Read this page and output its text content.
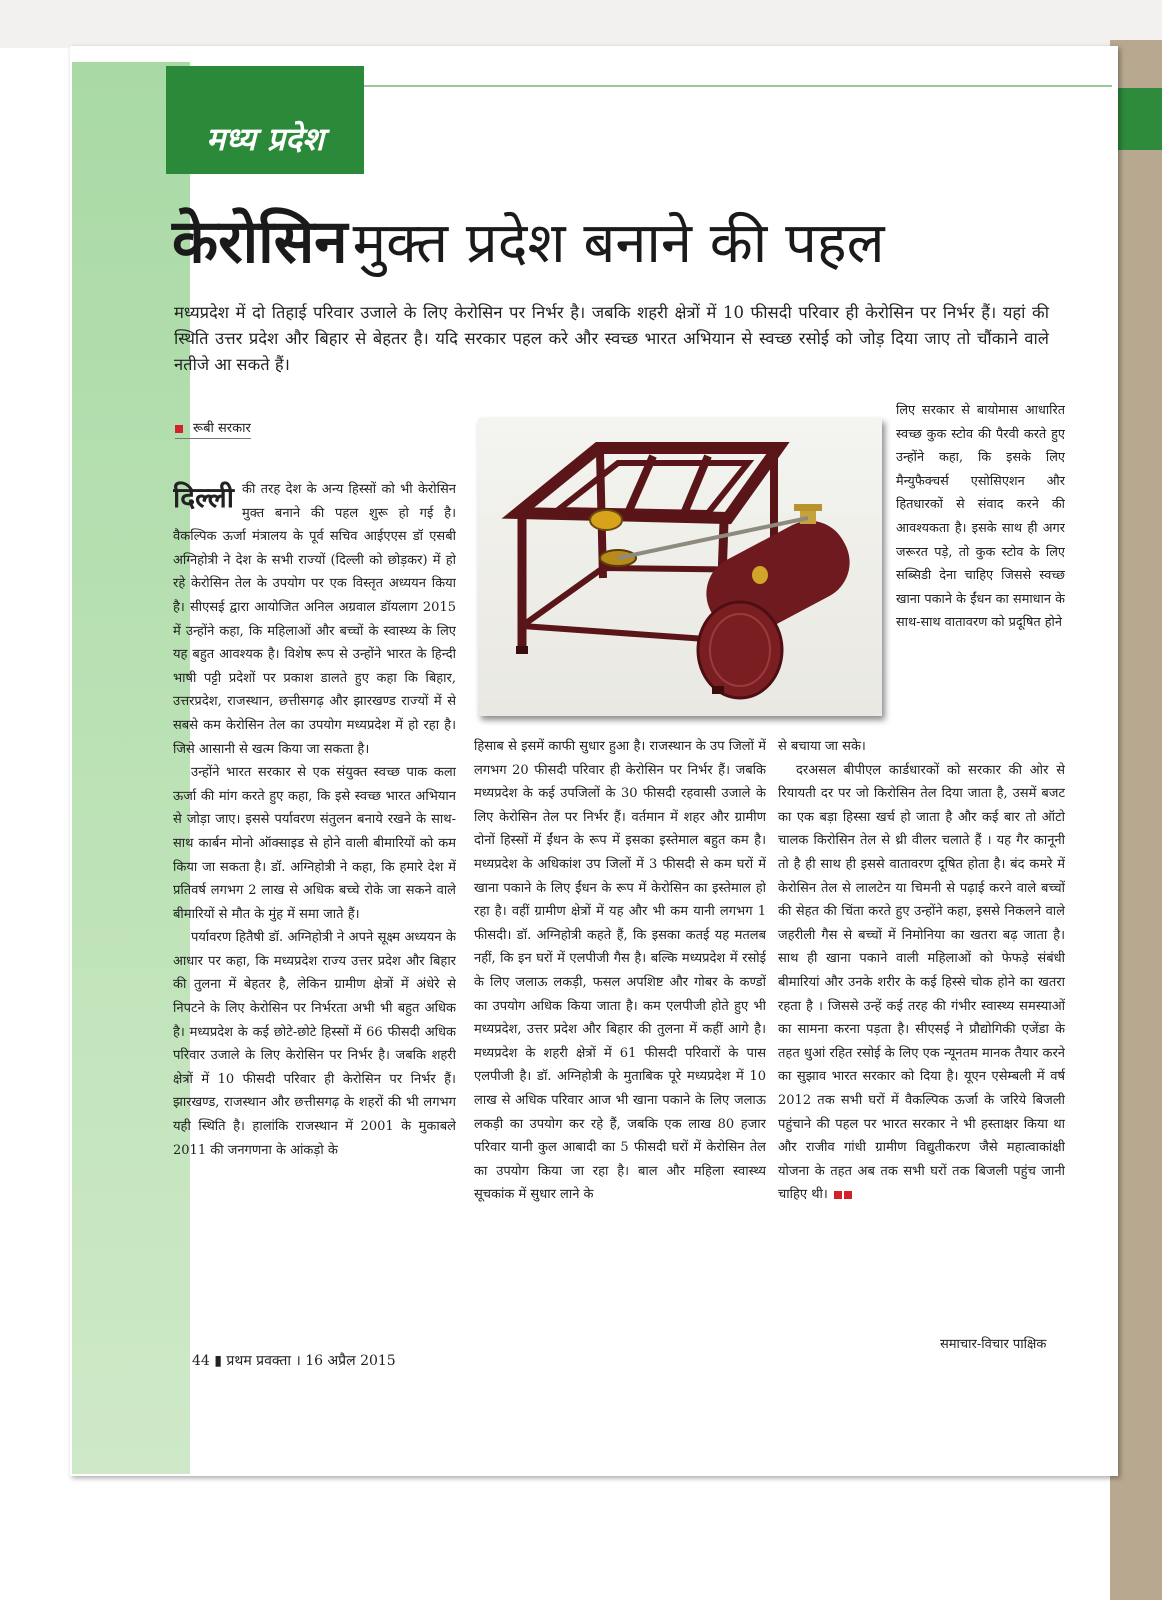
मध्य प्रदेश
केरोसिन मुक्त प्रदेश बनाने की पहल
मध्यप्रदेश में दो तिहाई परिवार उजाले के लिए केरोसिन पर निर्भर है। जबकि शहरी क्षेत्रों में 10 फीसदी परिवार ही केरोसिन पर निर्भर हैं। यहां की स्थिति उत्तर प्रदेश और बिहार से बेहतर है। यदि सरकार पहल करे और स्वच्छ भारत अभियान से स्वच्छ रसोई को जोड़ दिया जाए तो चौंकाने वाले नतीजे आ सकते हैं।
रूबी सरकार
दिल्ली की तरह देश के अन्य हिस्सों को भी केरोसिन मुक्त बनाने की पहल शुरू हो गई है। वैकल्पिक ऊर्जा मंत्रालय के पूर्व सचिव आईएएस डॉ एसबी अग्निहोत्री ने देश के सभी राज्यों (दिल्ली को छोड़कर) में हो रहे केरोसिन तेल के उपयोग पर एक विस्तृत अध्ययन किया है। सीएसई द्वारा आयोजित अनिल अग्रवाल डॉयलाग 2015 में उन्होंने कहा, कि महिलाओं और बच्चों के स्वास्थ्य के लिए यह बहुत आवश्यक है। विशेष रूप से उन्होंने भारत के हिन्दी भाषी पट्टी प्रदेशों पर प्रकाश डालते हुए कहा कि बिहार, उत्तरप्रदेश, राजस्थान, छत्तीसगढ़ और झारखण्ड राज्यों में से सबसे कम केरोसिन तेल का उपयोग मध्यप्रदेश में हो रहा है। जिसे आसानी से खत्म किया जा सकता है।

उन्होंने भारत सरकार से एक संयुक्त स्वच्छ पाक कला ऊर्जा की मांग करते हुए कहा, कि इसे स्वच्छ भारत अभियान से जोड़ा जाए। इससे पर्यावरण संतुलन बनाये रखने के साथ-साथ कार्बन मोनो ऑक्साइड से होने वाली बीमारियों को कम किया जा सकता है। डॉ. अग्निहोत्री ने कहा, कि हमारे देश में प्रतिवर्ष लगभग 2 लाख से अधिक बच्चे रोके जा सकने वाले बीमारियों से मौत के मुंह में समा जाते हैं।

पर्यावरण हितैषी डॉ. अग्निहोत्री ने अपने सूक्ष्म अध्ययन के आधार पर कहा, कि मध्यप्रदेश राज्य उत्तर प्रदेश और बिहार की तुलना में बेहतर है, लेकिन ग्रामीण क्षेत्रों में अंधेरे से निपटने के लिए केरोसिन पर निर्भरता अभी भी बहुत अधिक है। मध्यप्रदेश के कई छोटे-छोटे हिस्सों में 66 फीसदी अधिक परिवार उजाले के लिए केरोसिन पर निर्भर है। जबकि शहरी क्षेत्रों में 10 फीसदी परिवार ही केरोसिन पर निर्भर हैं। झारखण्ड, राजस्थान और छत्तीसगढ़ के शहरों की भी लगभग यही स्थिति है। हालांकि राजस्थान में 2001 के मुकाबले 2011 की जनगणना के आंकड़ो के

हिसाब से इसमें काफी सुधार हुआ है। राजस्थान के उप जिलों में लगभग 20 फीसदी परिवार ही केरोसिन पर निर्भर हैं। जबकि मध्यप्रदेश के कई उपजिलों के 30 फीसदी रहवासी उजाले के लिए केरोसिन तेल पर निर्भर हैं। वर्तमान में शहर और ग्रामीण दोनों हिस्सों में ईंधन के रूप में इसका इस्तेमाल बहुत कम है। मध्यप्रदेश के अधिकांश उप जिलों में 3 फीसदी से कम घरों में खाना पकाने के लिए ईंधन के रूप में केरोसिन का इस्तेमाल हो रहा है। वहीं ग्रामीण क्षेत्रों में यह और भी कम यानी लगभग 1 फीसदी। डॉ. अग्निहोत्री कहते हैं, कि इसका कतई यह मतलब नहीं, कि इन घरों में एलपीजी गैस है। बल्कि मध्यप्रदेश में रसोई के लिए जलाऊ लकड़ी, फसल अपशिष्ट और गोबर के कण्डों का उपयोग अधिक किया जाता है। कम एलपीजी होते हुए भी मध्यप्रदेश, उत्तर प्रदेश और बिहार की तुलना में कहीं आगे है। मध्यप्रदेश के शहरी क्षेत्रों में 61 फीसदी परिवारों के पास एलपीजी है। डॉ. अग्निहोत्री के मुताबिक पूरे मध्यप्रदेश में 10 लाख से अधिक परिवार आज भी खाना पकाने के लिए जलाऊ लकड़ी का उपयोग कर रहे हैं, जबकि एक लाख 80 हजार परिवार यानी कुल आबादी का 5 फीसदी घरों में केरोसिन तेल का उपयोग किया जा रहा है। बाल और महिला स्वास्थ्य सूचकांक में सुधार लाने के

लिए सरकार से बायोमास आधारित स्वच्छ कुक स्टोव की पैरवी करते हुए उन्होंने कहा, कि इसके लिए मैन्युफैक्चर्स एसोसिएशन और हितधारकों से संवाद करने की आवश्यकता है। इसके साथ ही अगर जरूरत पड़े, तो कुक स्टोव के लिए सब्सिडी देना चाहिए जिससे स्वच्छ खाना पकाने के ईंधन का समाधान के साथ-साथ वातावरण को प्रदूषित होने

से बचाया जा सके।

दरअसल बीपीएल कार्डधारकों को सरकार की ओर से रियायती दर पर जो किरोसिन तेल दिया जाता है, उसमें बजट का एक बड़ा हिस्सा खर्च हो जाता है और कई बार तो ऑटो चालक किरोसिन तेल से थ्री वीलर चलाते हैं । यह गैर कानूनी तो है ही साथ ही इससे वातावरण दूषित होता है। बंद कमरे में केरोसिन तेल से लालटेन या चिमनी से पढ़ाई करने वाले बच्चों की सेहत की चिंता करते हुए उन्होंने कहा, इससे निकलने वाले जहरीली गैस से बच्चों में निमोनिया का खतरा बढ़ जाता है। साथ ही खाना पकाने वाली महिलाओं को फेफड़े संबंधी बीमारियां और उनके शरीर के कई हिस्से चोक होने का खतरा रहता है । जिससे उन्हें कई तरह की गंभीर स्वास्थ्य समस्याओं का सामना करना पड़ता है। सीएसई ने प्रौद्योगिकी एजेंडा के तहत धुआं रहित रसोई के लिए एक न्यूनतम मानक तैयार करने का सुझाव भारत सरकार को दिया है। यूएन एसेम्बली में वर्ष 2012 तक सभी घरों में वैकल्पिक ऊर्जा के जरिये बिजली पहुंचाने की पहल पर भारत सरकार ने भी हस्ताक्षर किया था और राजीव गांधी ग्रामीण विद्युतीकरण जैसे महात्वाकांक्षी योजना के तहत अब तक सभी घरों तक बिजली पहुंच जानी चाहिए थी।

44 ▮ प्रथम प्रवक्ता । 16 अप्रैल 2015
समाचार-विचार पाक्षिक
